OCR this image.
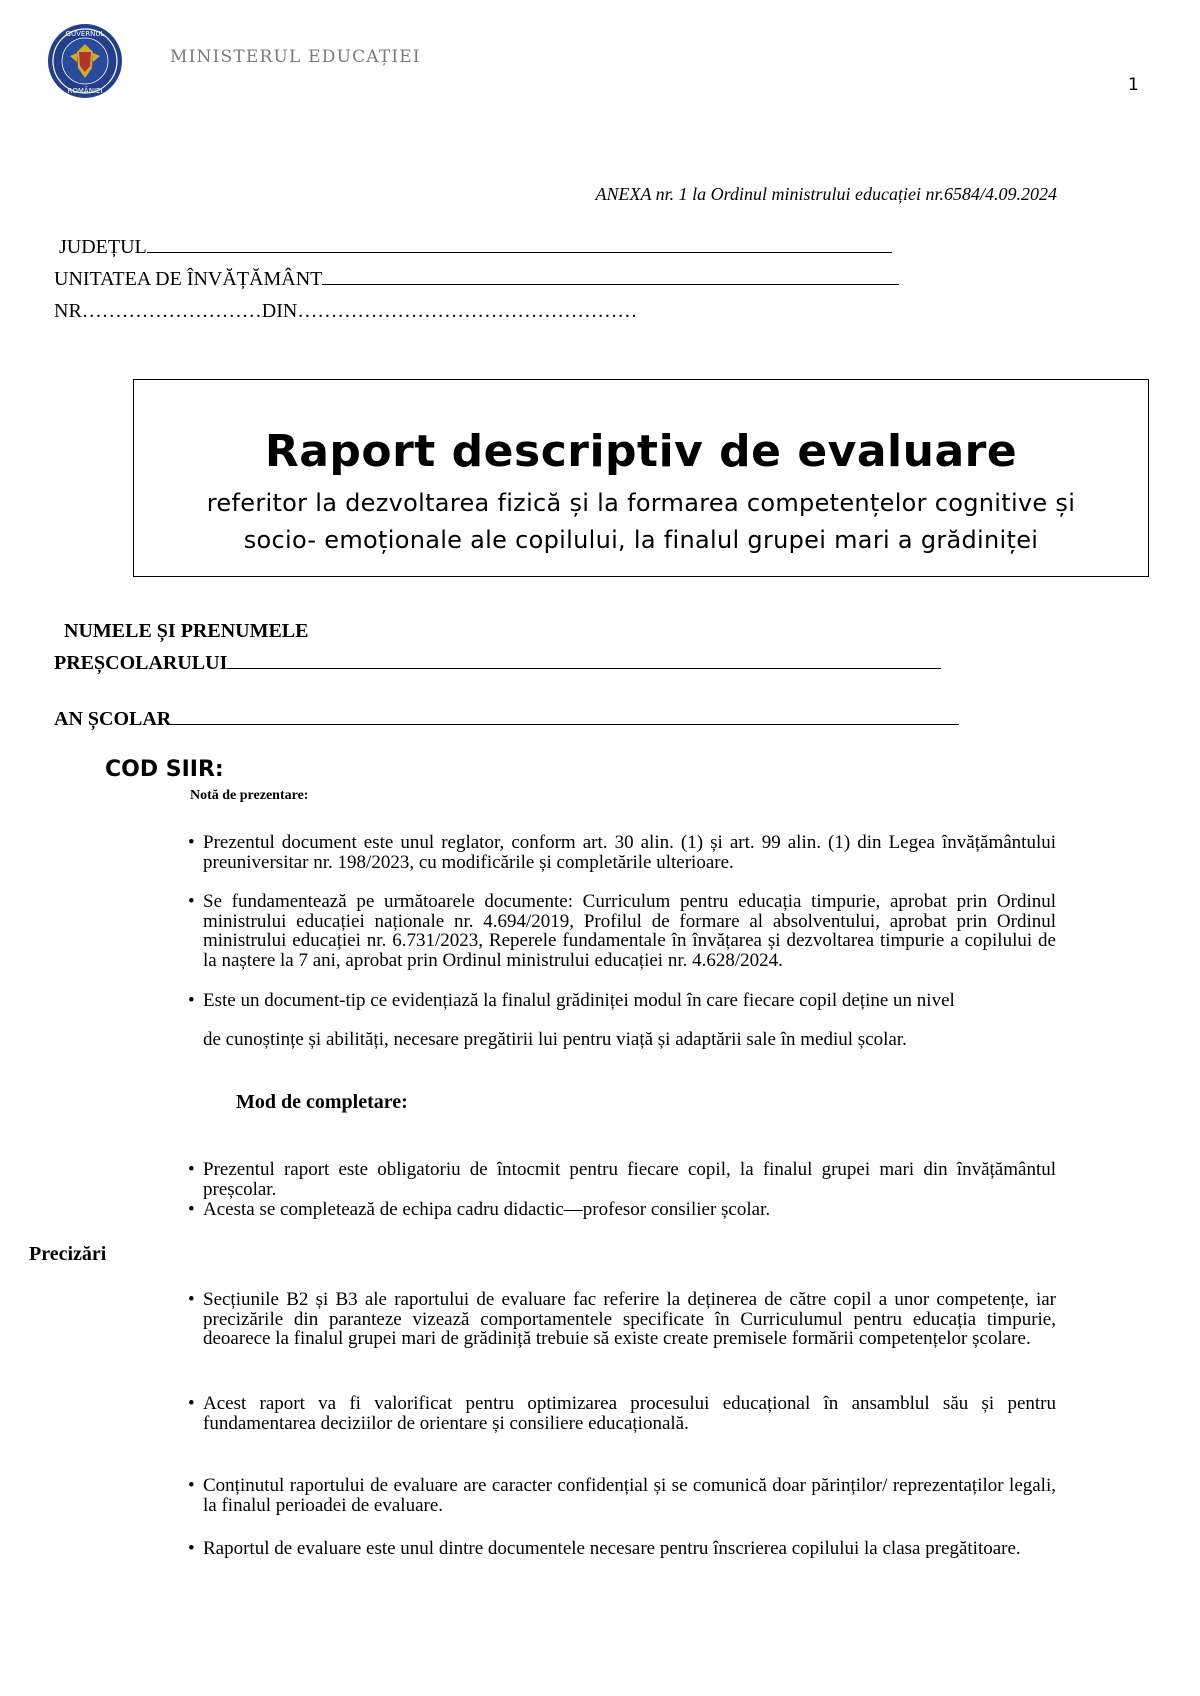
GUVERNUL
ROMÂNIEI
MINISTERUL EDUCAȚIEI
1
ANEXA nr. 1 la Ordinul ministrului educației nr.6584/4.09.2024
JUDEȚUL
UNITATEA DE ÎNVĂȚĂMÂNT
NR………………………DIN……………………………………………
Raport descriptiv de evaluare
referitor la dezvoltarea fizică și la formarea competențelor cognitive și socio- emoționale ale copilului, la finalul grupei mari a grădiniței
NUMELE ȘI PRENUMELE
PREȘCOLARULUI
AN ȘCOLAR
COD SIIR:
Notă de prezentare:
• Prezentul document este unul reglator, conform art. 30 alin. (1) și art. 99 alin. (1) din Legea învățământului preuniversitar nr. 198/2023, cu modificările și completările ulterioare.
• Se fundamentează pe următoarele documente: Curriculum pentru educația timpurie, aprobat prin Ordinul ministrului educației naționale nr. 4.694/2019, Profilul de formare al absolventului, aprobat prin Ordinul ministrului educației nr. 6.731/2023, Reperele fundamentale în învățarea și dezvoltarea timpurie a copilului de la naștere la 7 ani, aprobat prin Ordinul ministrului educației nr. 4.628/2024.
• Este un document-tip ce evidențiază la finalul grădiniței modul în care fiecare copil deține un nivel
de cunoștințe și abilități, necesare pregătirii lui pentru viață și adaptării sale în mediul școlar.
Mod de completare:
• Prezentul raport este obligatoriu de întocmit pentru fiecare copil, la finalul grupei mari din învățământul preșcolar.
• Acesta se completează de echipa cadru didactic—profesor consilier școlar.
Precizări
• Secțiunile B2 și B3 ale raportului de evaluare fac referire la deținerea de către copil a unor competențe, iar precizările din paranteze vizează comportamentele specificate în Curriculumul pentru educația timpurie, deoarece la finalul grupei mari de grădiniță trebuie să existe create premisele formării competențelor școlare.
• Acest raport va fi valorificat pentru optimizarea procesului educațional în ansamblul său și pentru fundamentarea deciziilor de orientare și consiliere educațională.
• Conținutul raportului de evaluare are caracter confidențial și se comunică doar părinților/ reprezentaților legali, la finalul perioadei de evaluare.
• Raportul de evaluare este unul dintre documentele necesare pentru înscrierea copilului la clasa pregătitoare.
